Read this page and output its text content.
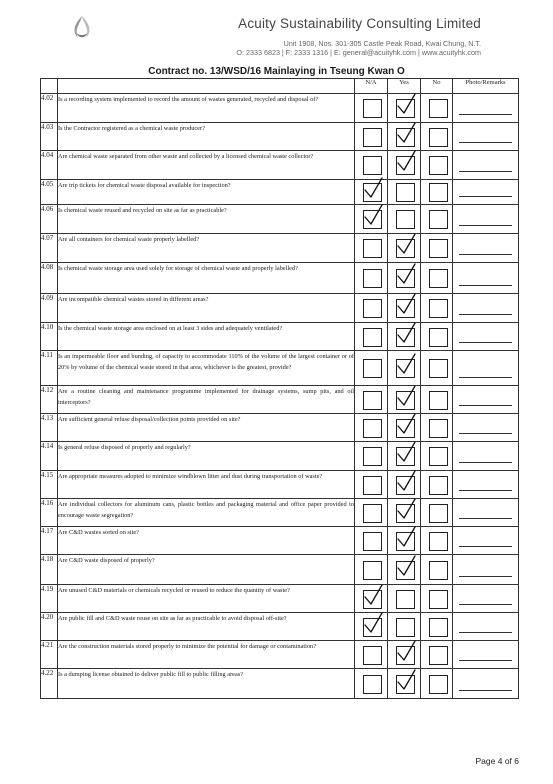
Acuity Sustainability Consulting Limited
Unit 1908, Nos. 301-305 Castle Peak Road, Kwai Chung, N.T.
O: 2333 6823 | F: 2333 1316 | E: general@acuityhk.com | www.acuityhk.com
Contract no. 13/WSD/16 Mainlaying in Tseung Kwan O
		N/A	Yes	No	Photo/Remarks
4.02	Is a recording system implemented to record the amount of wastes generated, recycled and disposal of?	

4.03	Is the Contractor registered as a chemical waste producer?	

4.04	Are chemical waste separated from other waste and collected by a licensed chemical waste collector?	

4.05	Are trip tickets for chemical waste disposal available for inspection?	

4.06	Is chemical waste reused and recycled on site as far as practicable?	

4.07	Are all containers for chemical waste properly labelled?	

4.08	Is chemical waste storage area used solely for storage of chemical waste and properly labelled?	

4.09	Are incompatible chemical wastes stored in different areas?	

4.10	Is the chemical waste storage area enclosed on at least 3 sides and adequately ventilated?	

4.11	Is an impermeable floor and bunding, of capacity to accommodate 110% of the volume of the largest container or of 20% by volume of the chemical waste stored in that area, whichever is the greatest, provide?	

4.12	Are a routine cleaning and maintenance programme implemented for drainage systems, sump pits, and oil interceptors?	

4.13	Are sufficient general refuse disposal/collection points provided on site?	

4.14	Is general refuse disposed of properly and regularly?	

4.15	Are appropriate measures adopted to minimize windblown litter and dust during transportation of waste?	

4.16	Are individual collectors for aluminum cans, plastic bottles and packaging material and office paper provided to encourage waste segregation?	

4.17	Are C&D wastes sorted on site?	

4.18	Are C&D waste disposed of properly?	

4.19	Are unused C&D materials or chemicals recycled or reused to reduce the quantity of waste?	

4.20	Are public fill and C&D waste reuse on site as far as practicable to avoid disposal off-site?	

4.21	Are the construction materials stored properly to minimize the potential for damage or contamination?	

4.22	Is a dumping license obtained to deliver public fill to public filling areas?	

Page 4 of 6
